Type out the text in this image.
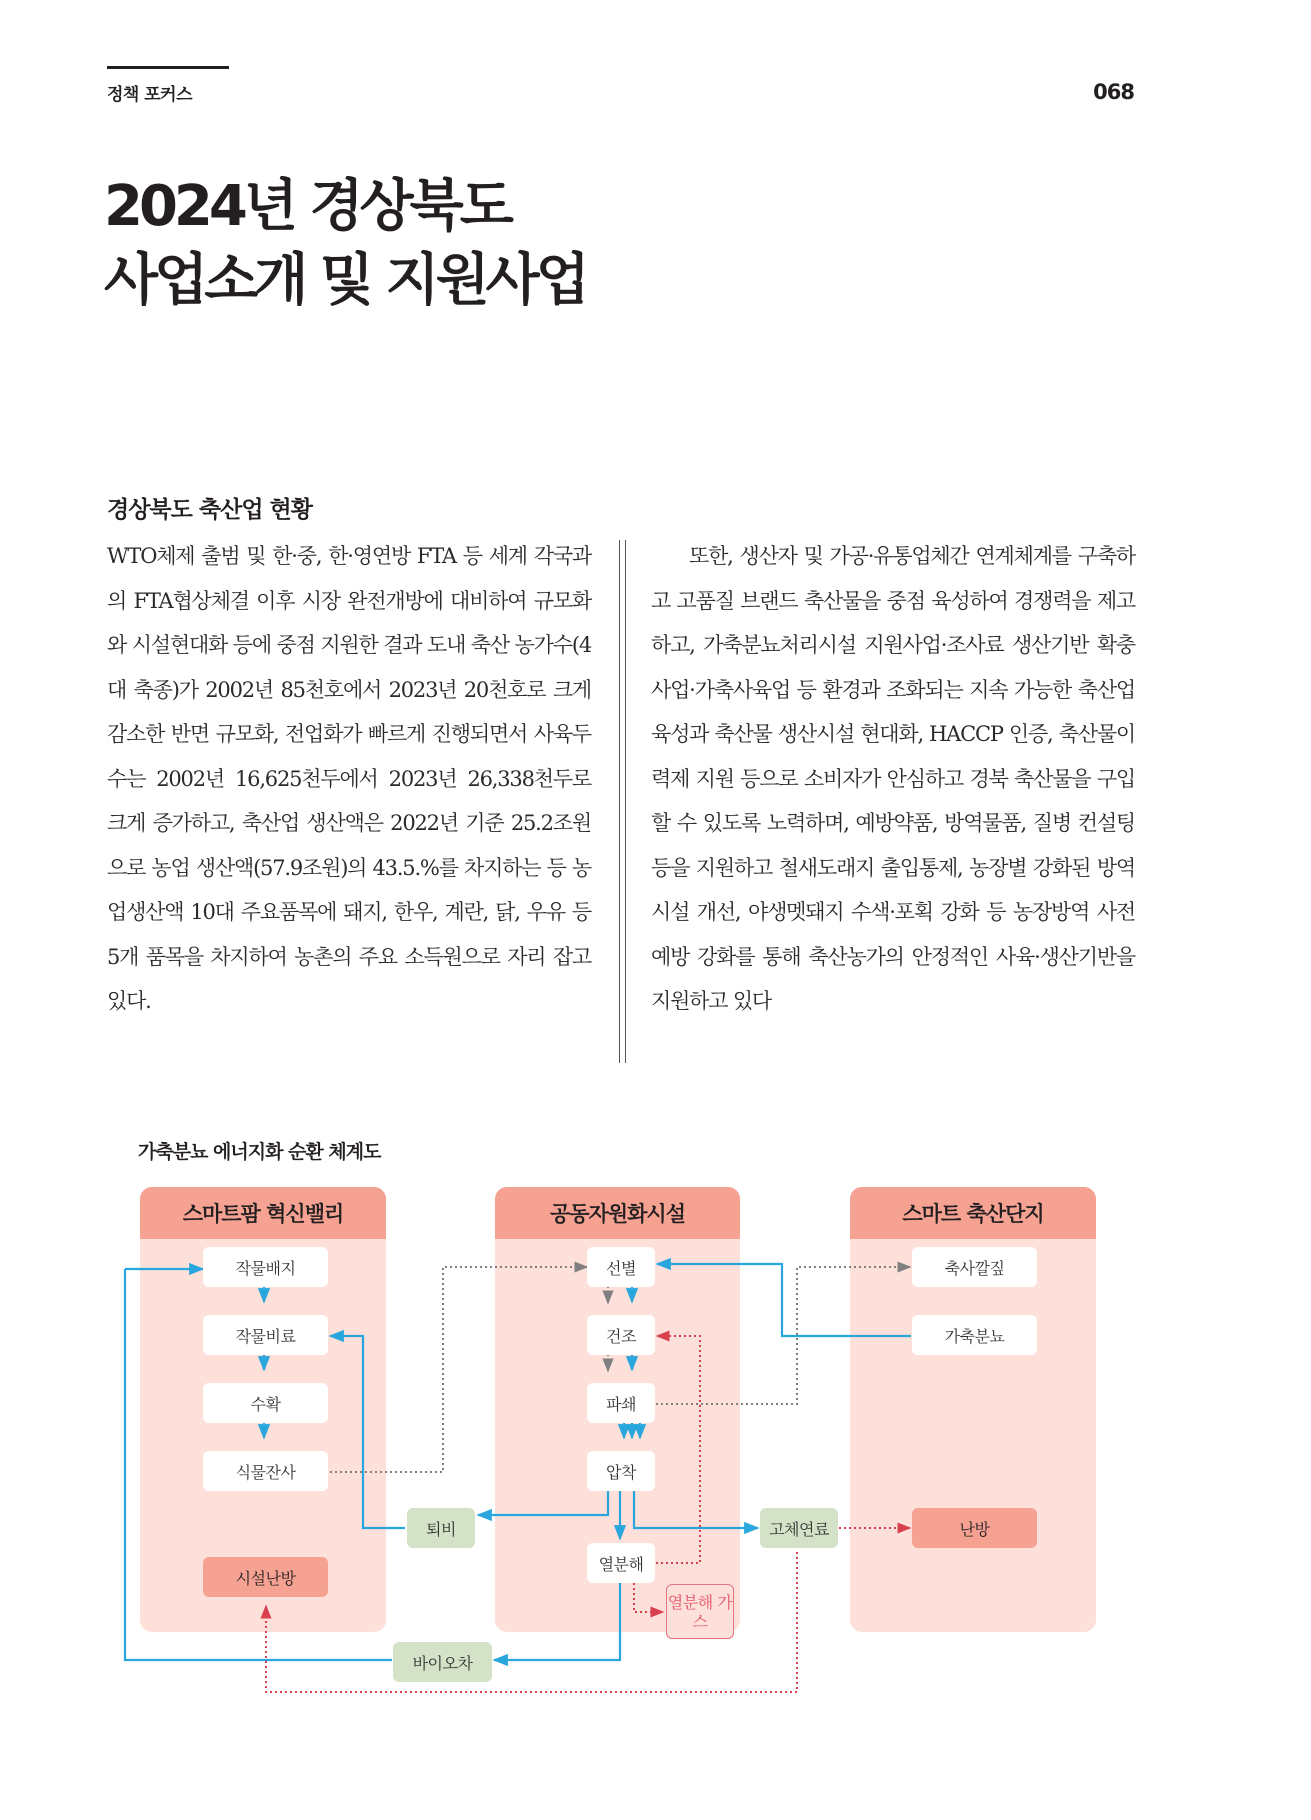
정책 포커스	068
2024년 경상북도
사업소개 및 지원사업
경상북도 축산업 현황
WTO체제 출범 및 한·중, 한·영연방 FTA 등 세계 각국과의 FTA협상체결 이후 시장 완전개방에 대비하여 규모화와 시설현대화 등에 중점 지원한 결과 도내 축산 농가수(4대 축종)가 2002년 85천호에서 2023년 20천호로 크게 감소한 반면 규모화, 전업화가 빠르게 진행되면서 사육두수는 2002년 16,625천두에서 2023년 26,338천두로 크게 증가하고, 축산업 생산액은 2022년 기준 25.2조원으로 농업 생산액(57.9조원)의 43.5.%를 차지하는 등 농업생산액 10대 주요품목에 돼지, 한우, 계란, 닭, 우유 등 5개 품목을 차지하여 농촌의 주요 소득원으로 자리 잡고 있다.
또한, 생산자 및 가공·유통업체간 연계체계를 구축하고 고품질 브랜드 축산물을 중점 육성하여 경쟁력을 제고하고, 가축분뇨처리시설 지원사업·조사료 생산기반 확충사업·가축사육업 등 환경과 조화되는 지속 가능한 축산업 육성과 축산물 생산시설 현대화, HACCP 인증, 축산물이력제 지원 등으로 소비자가 안심하고 경북 축산물을 구입할 수 있도록 노력하며, 예방약품, 방역물품, 질병 컨설팅 등을 지원하고 철새도래지 출입통제, 농장별 강화된 방역시설 개선, 야생멧돼지 수색·포획 강화 등 농장방역 사전예방 강화를 통해 축산농가의 안정적인 사육·생산기반을 지원하고 있다
가축분뇨 에너지화 순환 체계도
스마트팜 혁신밸리	공동자원화시설	스마트 축산단지
작물배지
작물비료
수확
식물잔사
시설난방
선별
건조
파쇄
압착
열분해
열분해 가스
축사깔짚
가축분뇨
난방
퇴비	고체연료
바이오차
